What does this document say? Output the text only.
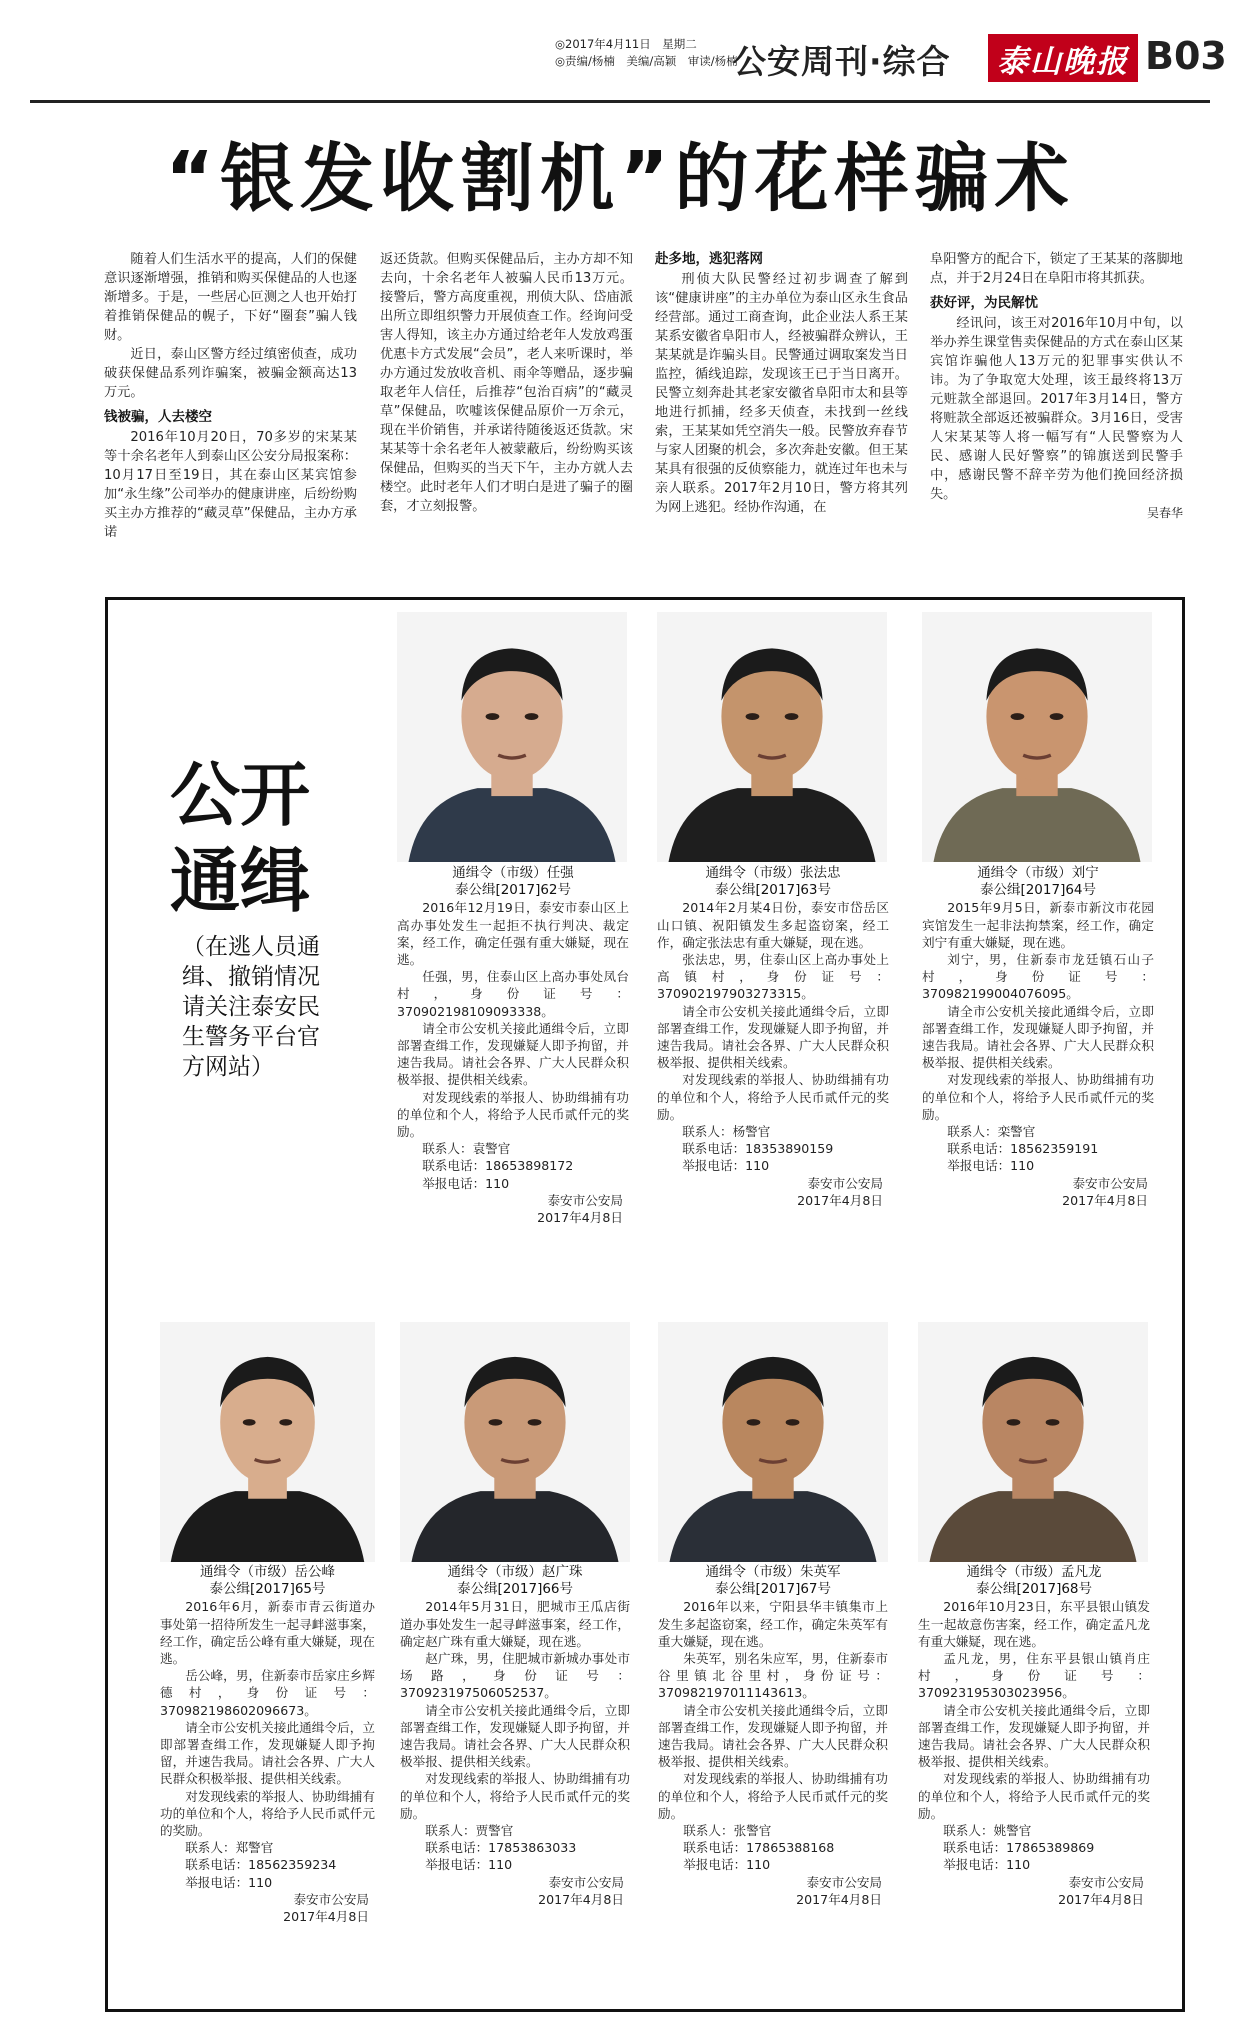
◎2017年4月11日　星期二
◎责编/杨楠　美编/高颖　审读/杨楠
公安周刊·综合 泰山晚报 B03
“银发收割机”的花样骗术

随着人们生活水平的提高，人们的保健意识逐渐增强，推销和购买保健品的人也逐渐增多。于是，一些居心叵测之人也开始打着推销保健品的幌子，下好“圈套”骗人钱财。

近日，泰山区警方经过缜密侦查，成功破获保健品系列诈骗案，被骗金额高达13万元。

钱被骗，人去楼空

2016年10月20日，70多岁的宋某某等十余名老年人到泰山区公安分局报案称：10月17日至19日，其在泰山区某宾馆参加“永生缘”公司举办的健康讲座，后纷纷购买主办方推荐的“藏灵草”保健品，主办方承诺

返还货款。但购买保健品后，主办方却不知去向，十余名老年人被骗人民币13万元。接警后，警方高度重视，刑侦大队、岱庙派出所立即组织警力开展侦查工作。经询问受害人得知，该主办方通过给老年人发放鸡蛋优惠卡方式发展“会员”，老人来听课时，举办方通过发放收音机、雨伞等赠品，逐步骗取老年人信任，后推荐“包治百病”的“藏灵草”保健品，吹嘘该保健品原价一万余元，现在半价销售，并承诺待随後返还货款。宋某某等十余名老年人被蒙蔽后，纷纷购买该保健品，但购买的当天下午，主办方就人去楼空。此时老年人们才明白是进了骗子的圈套，才立刻报警。

赴多地，逃犯落网

刑侦大队民警经过初步调查了解到该“健康讲座”的主办单位为泰山区永生食品经营部。通过工商查询，此企业法人系王某某系安徽省阜阳市人，经被骗群众辨认，王某某就是诈骗头目。民警通过调取案发当日监控，循线追踪，发现该王已于当日离开。民警立刻奔赴其老家安徽省阜阳市太和县等地进行抓捕，经多天侦查，未找到一丝线索，王某某如凭空消失一般。民警放弃春节与家人团聚的机会，多次奔赴安徽。但王某某具有很强的反侦察能力，就连过年也未与亲人联系。2017年2月10日，警方将其列为网上逃犯。经协作沟通，在

阜阳警方的配合下，锁定了王某某的落脚地点，并于2月24日在阜阳市将其抓获。

获好评，为民解忧

经讯问，该王对2016年10月中旬，以举办养生课堂售卖保健品的方式在泰山区某宾馆诈骗他人13万元的犯罪事实供认不讳。为了争取宽大处理，该王最终将13万元赃款全部退回。2017年3月14日，警方将赃款全部返还被骗群众。3月16日，受害人宋某某等人将一幅写有“人民警察为人民、感谢人民好警察”的锦旗送到民警手中，感谢民警不辞辛劳为他们挽回经济损失。

吴春华
公开
通缉
（在逃人员通缉、撤销情况请关注泰安民生警务平台官方网站）
通缉令（市级）任强
泰公缉[2017]62号

2016年12月19日，泰安市泰山区上高办事处发生一起拒不执行判决、裁定案，经工作，确定任强有重大嫌疑，现在逃。

任强，男，住泰山区上高办事处凤台村，身份证号：370902198109093338。

请全市公安机关接此通缉令后，立即部署查缉工作，发现嫌疑人即予拘留，并速告我局。请社会各界、广大人民群众积极举报、提供相关线索。

对发现线索的举报人、协助缉捕有功的单位和个人，将给予人民币贰仟元的奖励。

联系人：袁警官
联系电话：18653898172
举报电话：110
泰安市公安局
2017年4月8日
通缉令（市级）张法忠
泰公缉[2017]63号

2014年2月某4日份，泰安市岱岳区山口镇、祝阳镇发生多起盗窃案，经工作，确定张法忠有重大嫌疑，现在逃。

张法忠，男，住泰山区上高办事处上高镇村，身份证号：370902197903273315。

请全市公安机关接此通缉令后，立即部署查缉工作，发现嫌疑人即予拘留，并速告我局。请社会各界、广大人民群众积极举报、提供相关线索。

对发现线索的举报人、协助缉捕有功的单位和个人，将给予人民币贰仟元的奖励。

联系人：杨警官
联系电话：18353890159
举报电话：110
泰安市公安局
2017年4月8日
通缉令（市级）刘宁
泰公缉[2017]64号

2015年9月5日，新泰市新汶市花园宾馆发生一起非法拘禁案，经工作，确定刘宁有重大嫌疑，现在逃。

刘宁，男，住新泰市龙廷镇石山子村，身份证号：370982199004076095。

请全市公安机关接此通缉令后，立即部署查缉工作，发现嫌疑人即予拘留，并速告我局。请社会各界、广大人民群众积极举报、提供相关线索。

对发现线索的举报人、协助缉捕有功的单位和个人，将给予人民币贰仟元的奖励。

联系人：栾警官
联系电话：18562359191
举报电话：110
泰安市公安局
2017年4月8日
通缉令（市级）岳公峰
泰公缉[2017]65号

2016年6月，新泰市青云街道办事处第一招待所发生一起寻衅滋事案，经工作，确定岳公峰有重大嫌疑，现在逃。

岳公峰，男，住新泰市岳家庄乡辉德村，身份证号：370982198602096673。

请全市公安机关接此通缉令后，立即部署查缉工作，发现嫌疑人即予拘留，并速告我局。请社会各界、广大人民群众积极举报、提供相关线索。

对发现线索的举报人、协助缉捕有功的单位和个人，将给予人民币贰仟元的奖励。

联系人：郑警官
联系电话：18562359234
举报电话：110
泰安市公安局
2017年4月8日
通缉令（市级）赵广珠
泰公缉[2017]66号

2014年5月31日，肥城市王瓜店街道办事处发生一起寻衅滋事案，经工作，确定赵广珠有重大嫌疑，现在逃。

赵广珠，男，住肥城市新城办事处市场路，身份证号：370923197506052537。

请全市公安机关接此通缉令后，立即部署查缉工作，发现嫌疑人即予拘留，并速告我局。请社会各界、广大人民群众积极举报、提供相关线索。

对发现线索的举报人、协助缉捕有功的单位和个人，将给予人民币贰仟元的奖励。

联系人：贾警官
联系电话：17853863033
举报电话：110
泰安市公安局
2017年4月8日
通缉令（市级）朱英军
泰公缉[2017]67号

2016年以来，宁阳县华丰镇集市上发生多起盗窃案，经工作，确定朱英军有重大嫌疑，现在逃。

朱英军，别名朱应军，男，住新泰市谷里镇北谷里村，身份证号：370982197011143613。

请全市公安机关接此通缉令后，立即部署查缉工作，发现嫌疑人即予拘留，并速告我局。请社会各界、广大人民群众积极举报、提供相关线索。

对发现线索的举报人、协助缉捕有功的单位和个人，将给予人民币贰仟元的奖励。

联系人：张警官
联系电话：17865388168
举报电话：110
泰安市公安局
2017年4月8日
通缉令（市级）孟凡龙
泰公缉[2017]68号

2016年10月23日，东平县银山镇发生一起故意伤害案，经工作，确定孟凡龙有重大嫌疑，现在逃。

孟凡龙，男，住东平县银山镇肖庄村，身份证号：370923195303023956。

请全市公安机关接此通缉令后，立即部署查缉工作，发现嫌疑人即予拘留，并速告我局。请社会各界、广大人民群众积极举报、提供相关线索。

对发现线索的举报人、协助缉捕有功的单位和个人，将给予人民币贰仟元的奖励。

联系人：姚警官
联系电话：17865389869
举报电话：110
泰安市公安局
2017年4月8日
